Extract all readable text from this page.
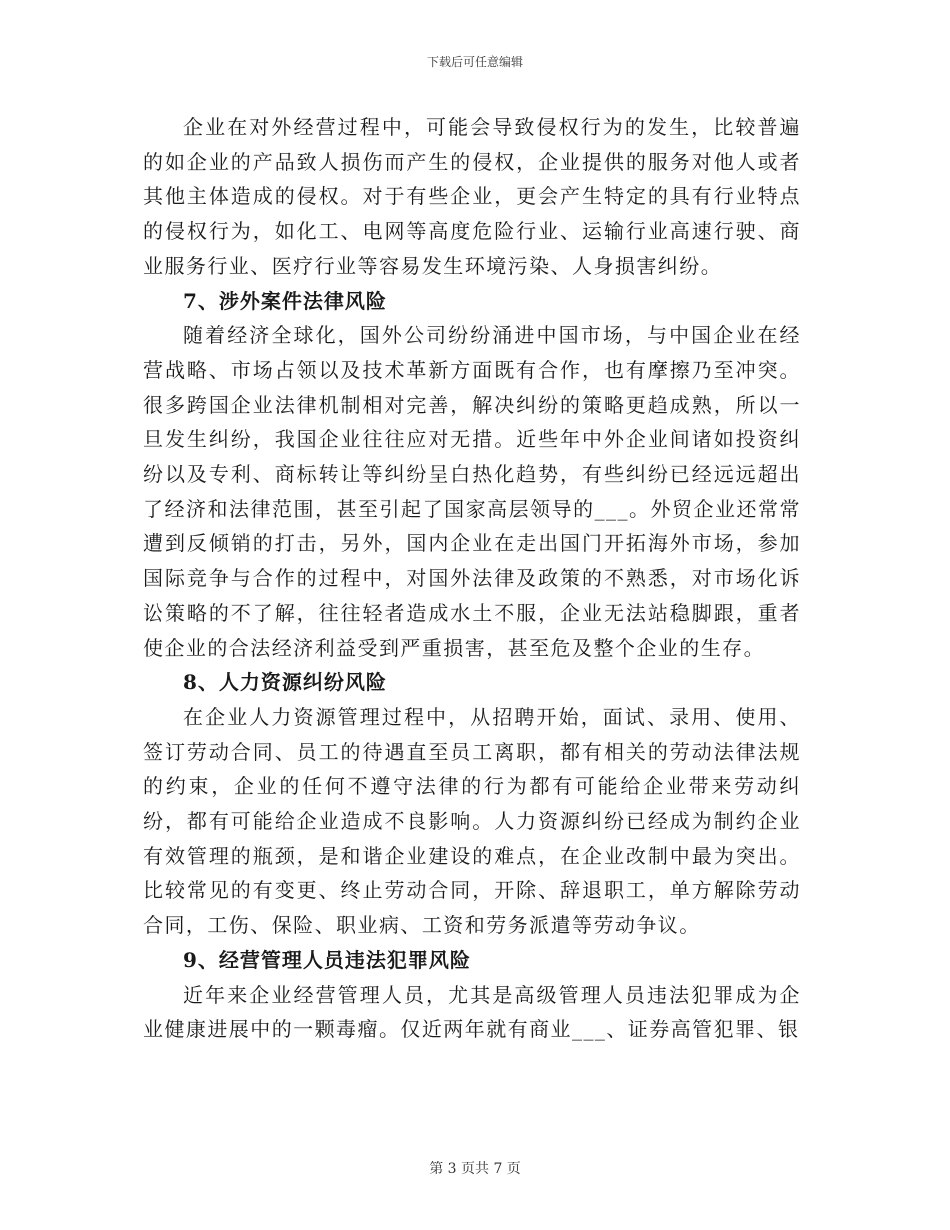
下载后可任意编辑

企业在对外经营过程中，可能会导致侵权行为的发生，比较普遍的如企业的产品致人损伤而产生的侵权，企业提供的服务对他人或者其他主体造成的侵权。对于有些企业，更会产生特定的具有行业特点的侵权行为，如化工、电网等高度危险行业、运输行业高速行驶、商业服务行业、医疗行业等容易发生环境污染、人身损害纠纷。

7、涉外案件法律风险

随着经济全球化，国外公司纷纷涌进中国市场，与中国企业在经营战略、市场占领以及技术革新方面既有合作，也有摩擦乃至冲突。很多跨国企业法律机制相对完善，解决纠纷的策略更趋成熟，所以一旦发生纠纷，我国企业往往应对无措。近些年中外企业间诸如投资纠纷以及专利、商标转让等纠纷呈白热化趋势，有些纠纷已经远远超出了经济和法律范围，甚至引起了国家高层领导的___。外贸企业还常常遭到反倾销的打击，另外，国内企业在走出国门开拓海外市场，参加国际竞争与合作的过程中，对国外法律及政策的不熟悉，对市场化诉讼策略的不了解，往往轻者造成水土不服，企业无法站稳脚跟，重者使企业的合法经济利益受到严重损害，甚至危及整个企业的生存。

8、人力资源纠纷风险

在企业人力资源管理过程中，从招聘开始，面试、录用、使用、签订劳动合同、员工的待遇直至员工离职，都有相关的劳动法律法规的约束，企业的任何不遵守法律的行为都有可能给企业带来劳动纠纷，都有可能给企业造成不良影响。人力资源纠纷已经成为制约企业有效管理的瓶颈，是和谐企业建设的难点，在企业改制中最为突出。比较常见的有变更、终止劳动合同，开除、辞退职工，单方解除劳动合同，工伤、保险、职业病、工资和劳务派遣等劳动争议。

9、经营管理人员违法犯罪风险

近年来企业经营管理人员，尤其是高级管理人员违法犯罪成为企业健康进展中的一颗毒瘤。仅近两年就有商业___、证券高管犯罪、银

第 3 页共 7 页
